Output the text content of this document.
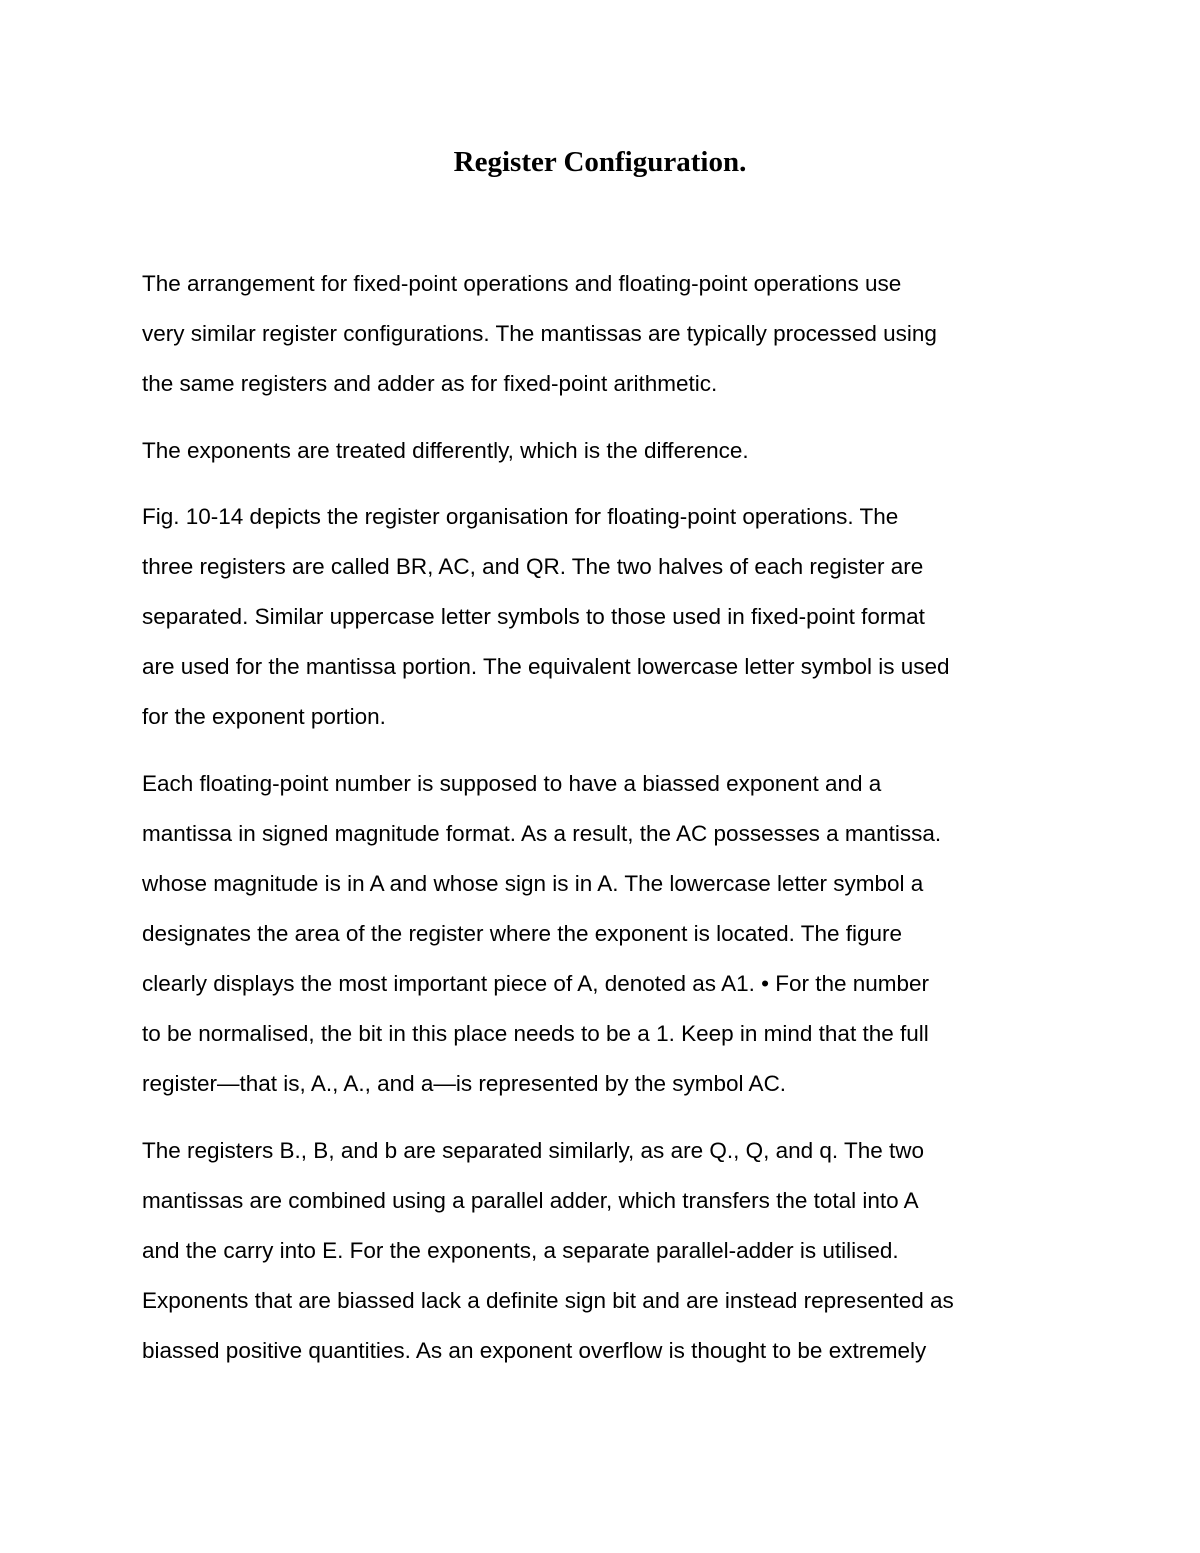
Register Configuration.

The arrangement for fixed-point operations and floating-point operations use

very similar register configurations. The mantissas are typically processed using

the same registers and adder as for fixed-point arithmetic.

The exponents are treated differently, which is the difference.

Fig. 10-14 depicts the register organisation for floating-point operations. The

three registers are called BR, AC, and QR. The two halves of each register are

separated. Similar uppercase letter symbols to those used in fixed-point format

are used for the mantissa portion. The equivalent lowercase letter symbol is used

for the exponent portion.

Each floating-point number is supposed to have a biassed exponent and a

mantissa in signed magnitude format. As a result, the AC possesses a mantissa.

whose magnitude is in A and whose sign is in A. The lowercase letter symbol a

designates the area of the register where the exponent is located. The figure

clearly displays the most important piece of A, denoted as A1. • For the number

to be normalised, the bit in this place needs to be a 1. Keep in mind that the full

register—that is, A., A., and a—is represented by the symbol AC.

The registers B., B, and b are separated similarly, as are Q., Q, and q. The two

mantissas are combined using a parallel adder, which transfers the total into A

and the carry into E. For the exponents, a separate parallel-adder is utilised.

Exponents that are biassed lack a definite sign bit and are instead represented as

biassed positive quantities. As an exponent overflow is thought to be extremely
